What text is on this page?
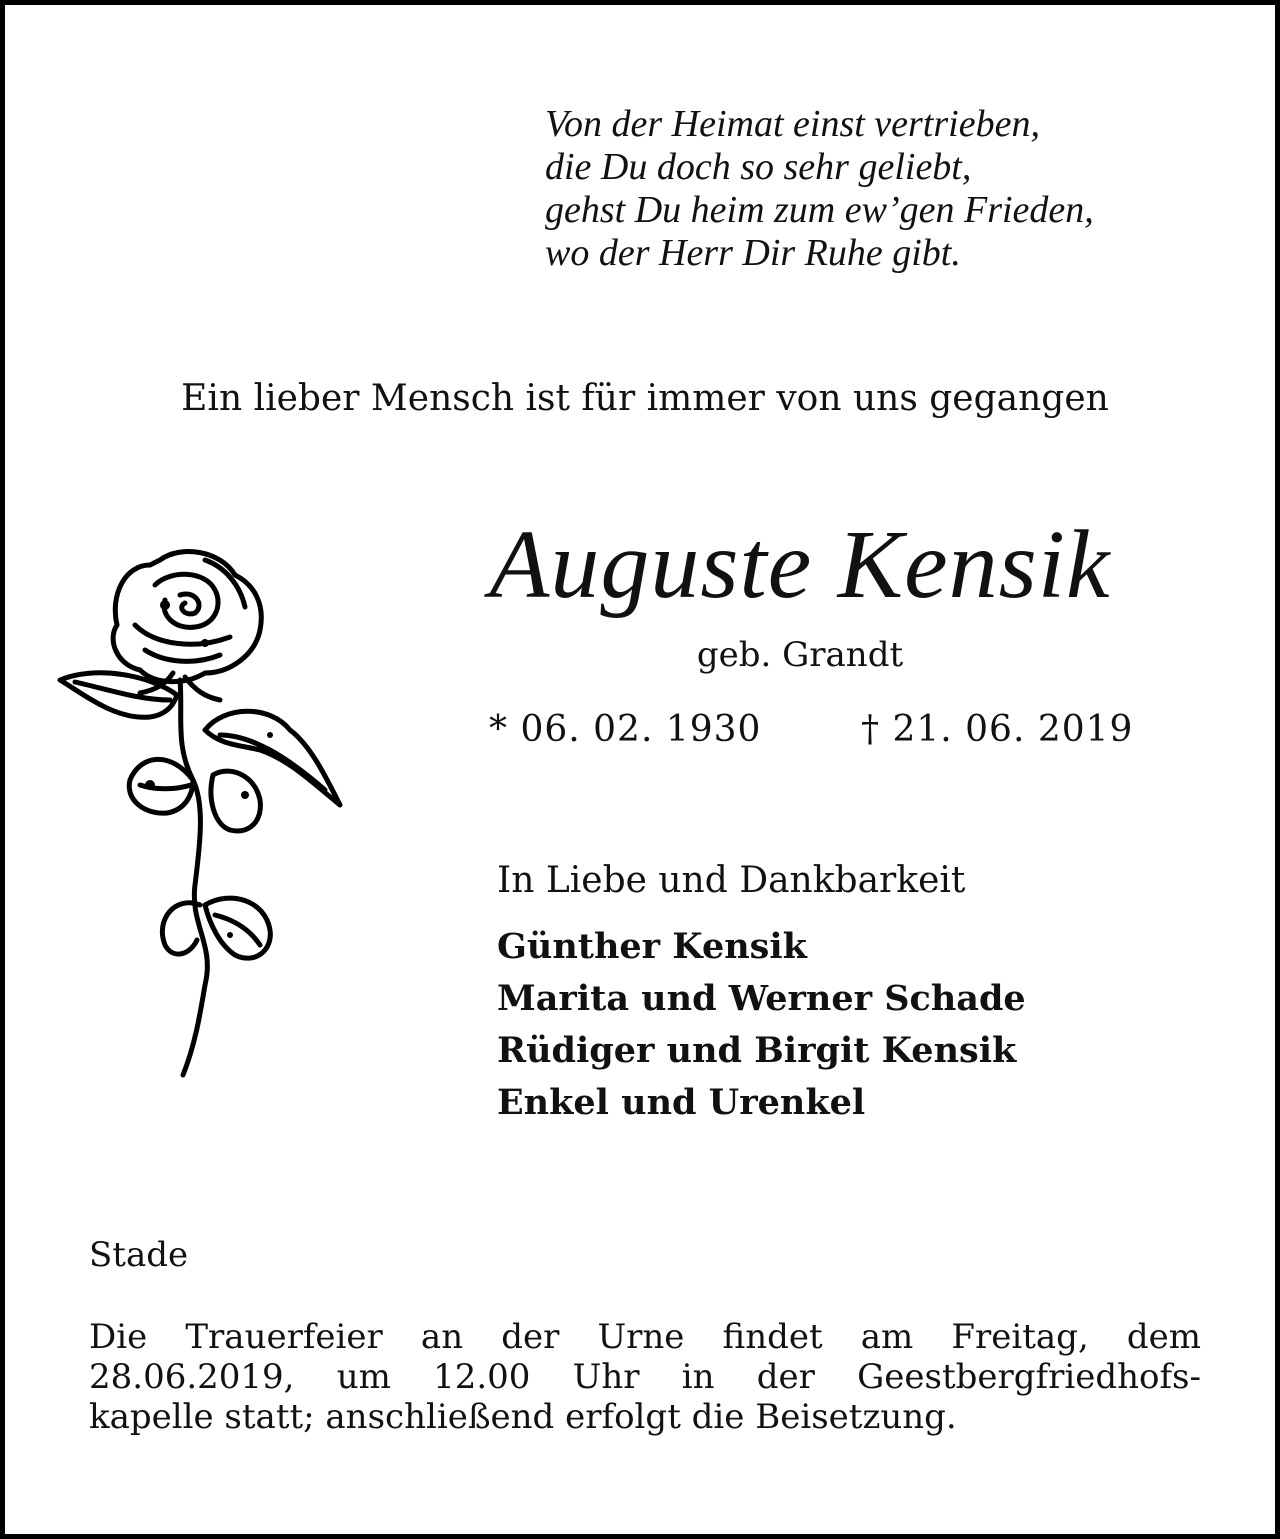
Von der Heimat einst vertrieben,
die Du doch so sehr geliebt,
gehst Du heim zum ew’gen Frieden,
wo der Herr Dir Ruhe gibt.
Ein lieber Mensch ist für immer von uns gegangen
Auguste Kensik
geb. Grandt
* 06. 02. 1930	† 21. 06. 2019
In Liebe und Dankbarkeit
Günther Kensik
Marita und Werner Schade
Rüdiger und Birgit Kensik
Enkel und Urenkel
Stade
Die Trauerfeier an der Urne findet am Freitag, dem
28.06.2019, um 12.00 Uhr in der Geestbergfriedhofs-
kapelle statt; anschließend erfolgt die Beisetzung.
